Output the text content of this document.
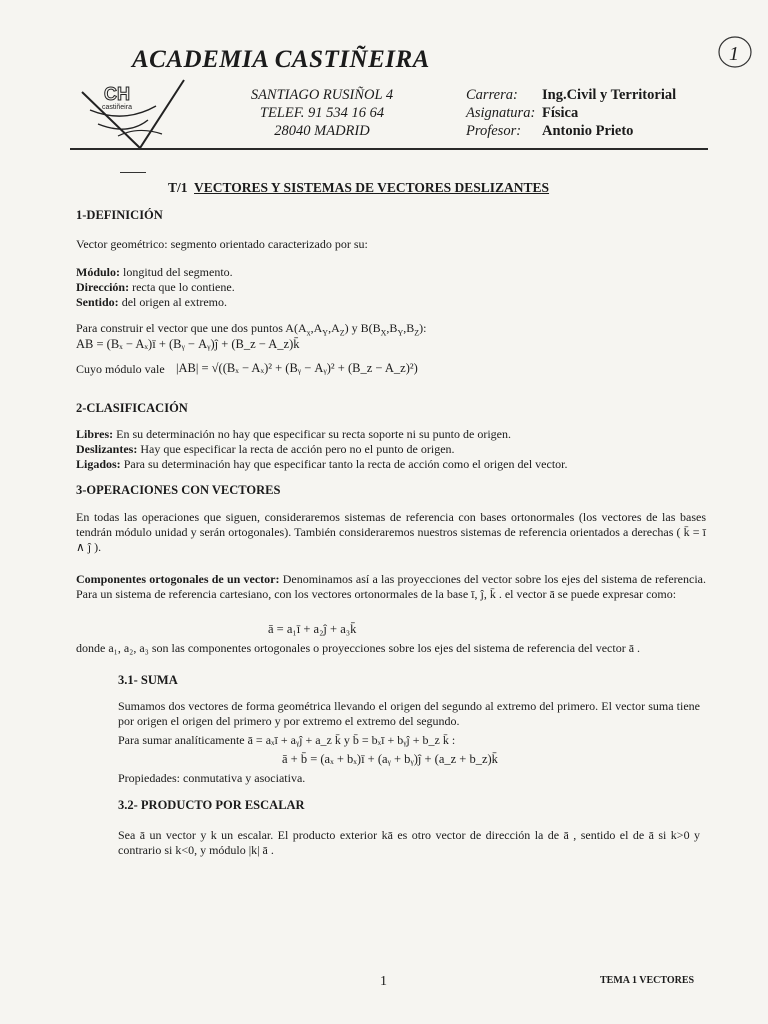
ACADEMIA CASTIÑEIRA
CH
castiñeira
1
SANTIAGO RUSIÑOL 4
TELEF. 91 534 16 64
28040 MADRID
Carrera: Ing.Civil y Territorial
Asignatura: Física
Profesor: Antonio Prieto
T/1 VECTORES Y SISTEMAS DE VECTORES DESLIZANTES
1-DEFINICIÓN
Vector geométrico: segmento orientado caracterizado por su:
Módulo: longitud del segmento.
Dirección: recta que lo contiene.
Sentido: del origen al extremo.
Para construir el vector que une dos puntos $A(A_x,A_Y,A_Z)$ y $B(B_X,B_Y,B_Z)$:
AB = (Bₓ − Aₓ)ī + (Bᵧ − Aᵧ)ĵ + (B_z − A_z)k̄
Cuyo módulo vale |AB| = √((Bₓ − Aₓ)² + (Bᵧ − Aᵧ)² + (B_z − A_z)²)
2-CLASIFICACIÓN
Libres: En su determinación no hay que especificar su recta soporte ni su punto de origen.
Deslizantes: Hay que especificar la recta de acción pero no el punto de origen.
Ligados: Para su determinación hay que especificar tanto la recta de acción como el origen del vector.
3-OPERACIONES CON VECTORES
En todas las operaciones que siguen, consideraremos sistemas de referencia con bases ortonormales (los vectores de las bases tendrán módulo unidad y serán ortogonales). También consideraremos nuestros sistemas de referencia orientados a derechas ( k̄ = ī ∧ ĵ ).
Componentes ortogonales de un vector: Denominamos así a las proyecciones del vector sobre los ejes del sistema de referencia. Para un sistema de referencia cartesiano, con los vectores ortonormales de la base ī, ĵ, k̄ . el vector ā se puede expresar como:
ā = a₁ī + a₂ĵ + a₃k̄
donde a₁, a₂, a₃ son las componentes ortogonales o proyecciones sobre los ejes del sistema de referencia del vector ā .
3.1- SUMA
Sumamos dos vectores de forma geométrica llevando el origen del segundo al extremo del primero. El vector suma tiene por origen el origen del primero y por extremo el extremo del segundo.
Para sumar analíticamente ā = aₓī + aᵧĵ + a_z k̄ y b̄ = bₓī + bᵧĵ + b_z k̄ :
ā + b̄ = (aₓ + bₓ)ī + (aᵧ + bᵧ)ĵ + (a_z + b_z)k̄
Propiedades: conmutativa y asociativa.
3.2- PRODUCTO POR ESCALAR
Sea ā un vector y k un escalar. El producto exterior kā es otro vector de dirección la de ā , sentido el de ā si k>0 y contrario si k<0, y módulo |k| ā .
1	TEMA 1 VECTORES
